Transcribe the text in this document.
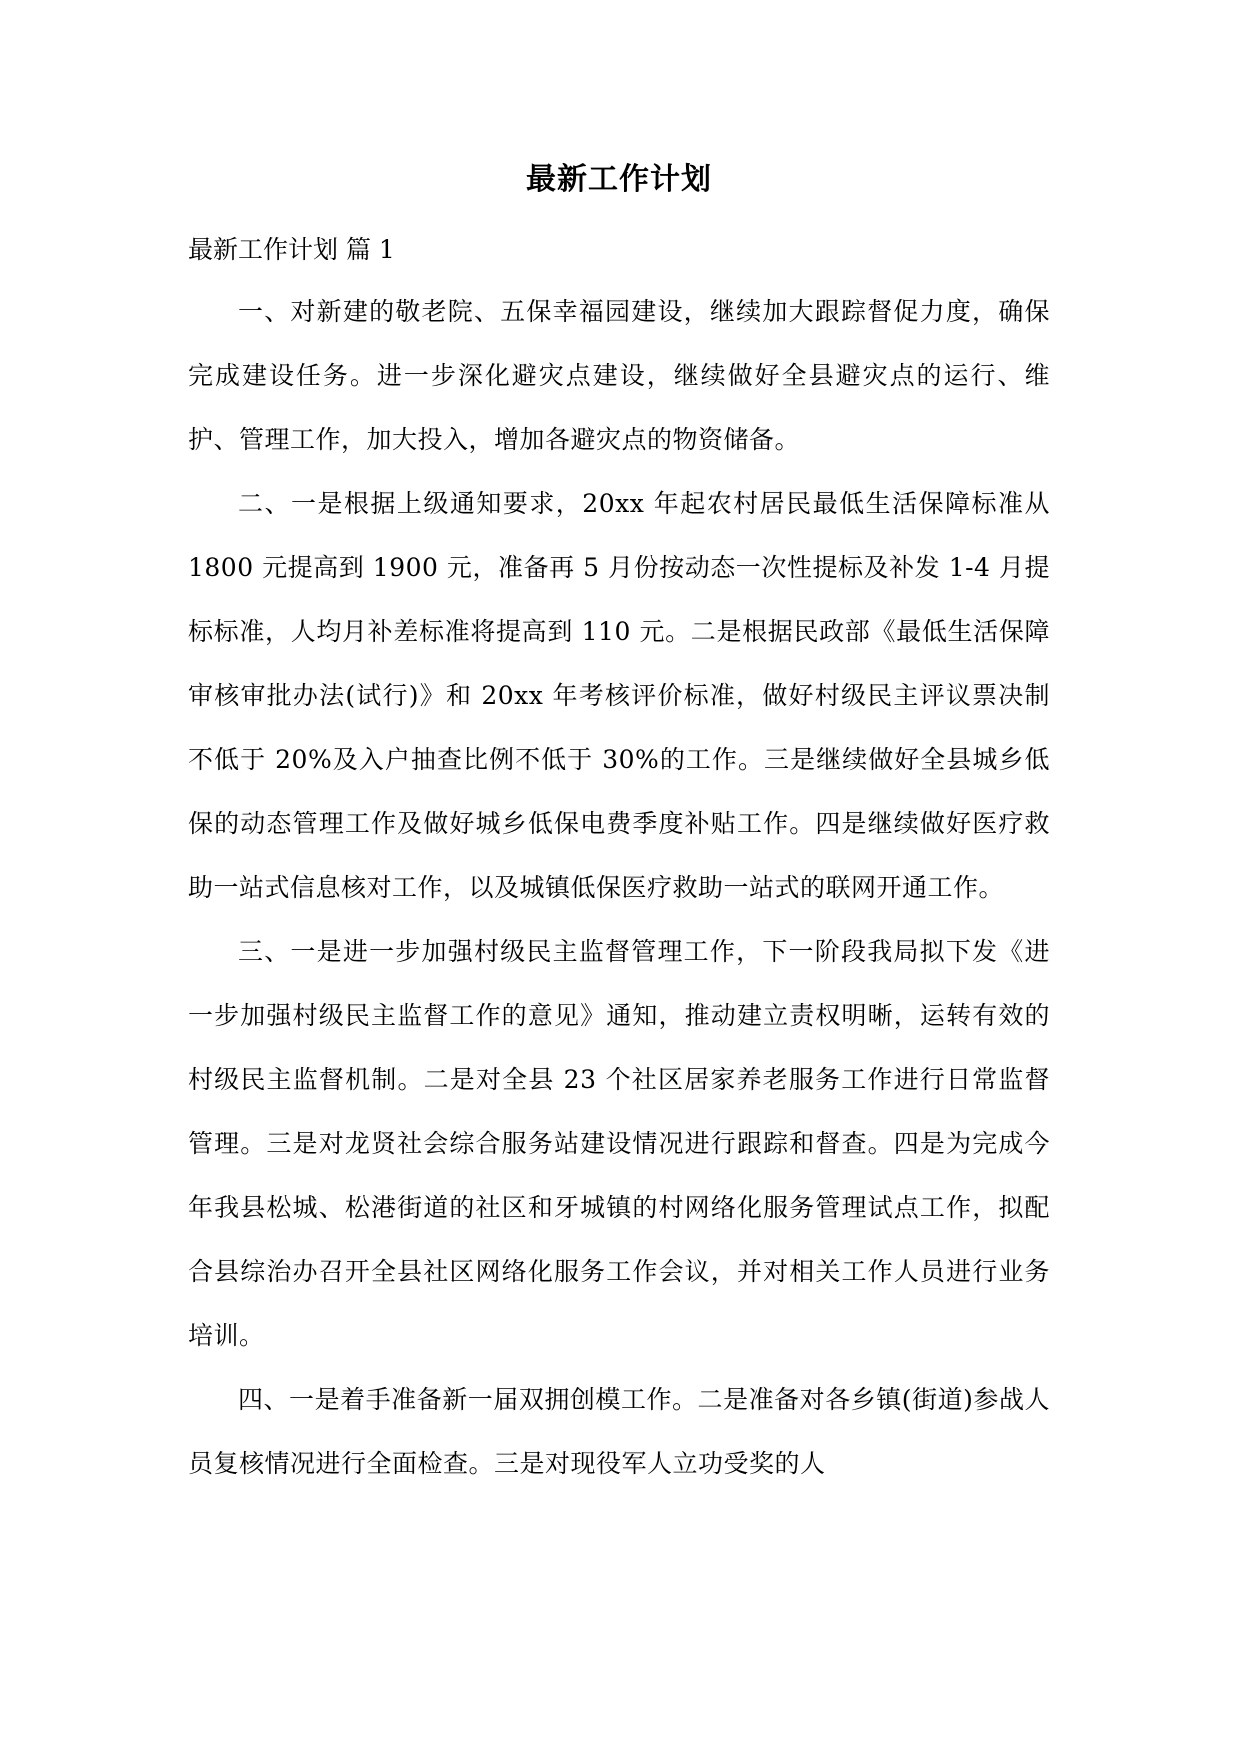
最新工作计划

最新工作计划 篇 1

一、对新建的敬老院、五保幸福园建设，继续加大跟踪督促力度，确保完成建设任务。进一步深化避灾点建设，继续做好全县避灾点的运行、维护、管理工作，加大投入，增加各避灾点的物资储备。

二、一是根据上级通知要求，20xx 年起农村居民最低生活保障标准从 1800 元提高到 1900 元，准备再 5 月份按动态一次性提标及补发 1-4 月提标标准，人均月补差标准将提高到 110 元。二是根据民政部《最低生活保障审核审批办法(试行)》和 20xx 年考核评价标准，做好村级民主评议票决制不低于 20%及入户抽查比例不低于 30%的工作。三是继续做好全县城乡低保的动态管理工作及做好城乡低保电费季度补贴工作。四是继续做好医疗救助一站式信息核对工作，以及城镇低保医疗救助一站式的联网开通工作。

三、一是进一步加强村级民主监督管理工作，下一阶段我局拟下发《进一步加强村级民主监督工作的意见》通知，推动建立责权明晰，运转有效的村级民主监督机制。二是对全县 23 个社区居家养老服务工作进行日常监督管理。三是对龙贤社会综合服务站建设情况进行跟踪和督查。四是为完成今年我县松城、松港街道的社区和牙城镇的村网络化服务管理试点工作，拟配合县综治办召开全县社区网络化服务工作会议，并对相关工作人员进行业务培训。

四、一是着手准备新一届双拥创模工作。二是准备对各乡镇(街道)参战人员复核情况进行全面检查。三是对现役军人立功受奖的人
